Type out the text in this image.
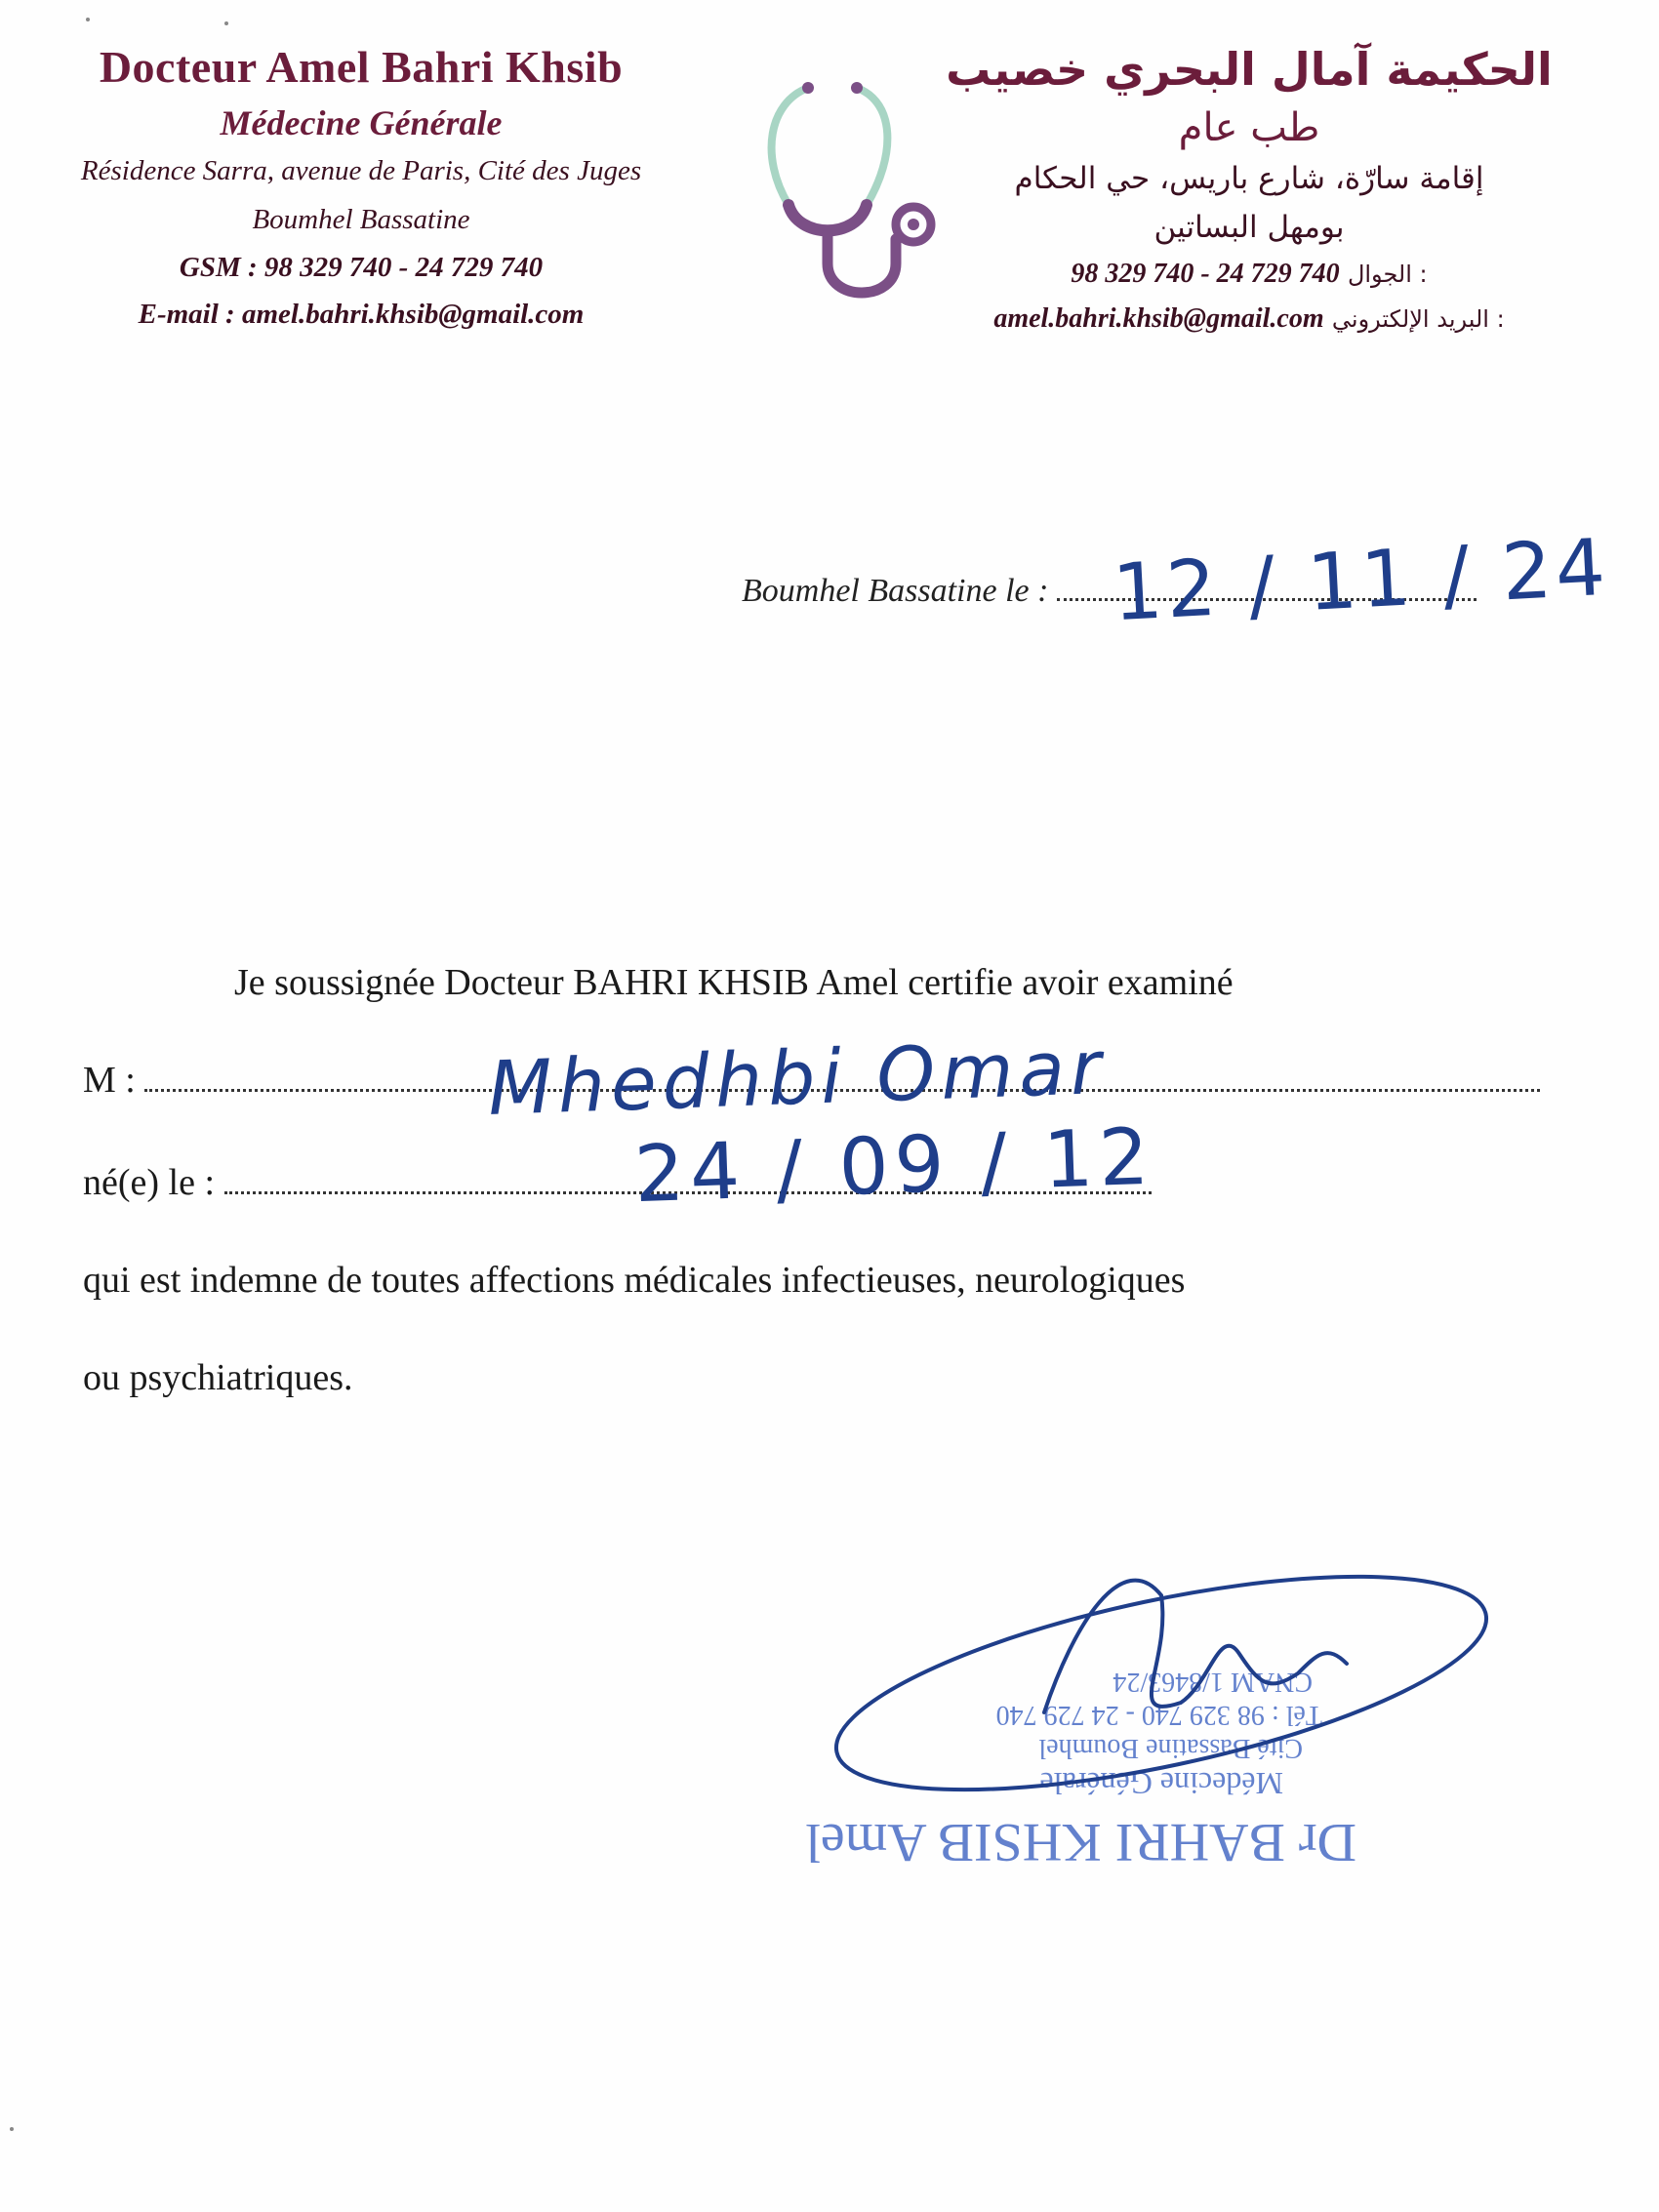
Docteur Amel Bahri Khsib
Médecine Générale
Résidence Sarra, avenue de Paris, Cité des Juges
Boumhel Bassatine
GSM : 98 329 740 - 24 729 740
E-mail : amel.bahri.khsib@gmail.com
الحكيمة آمال البحري خصيب
طب عام
إقامة سارّة، شارع باريس، حي الحكام
بومهل البساتين
98 329 740 - 24 729 740 الجوال :
amel.bahri.khsib@gmail.com البريد الإلكتروني :
Boumhel Bassatine le : 12 / 11 / 24
Je soussignée Docteur BAHRI KHSIB Amel certifie avoir examiné
M :	Mhedhbi Omar
né(e) le :	24 / 09 / 12
qui est indemne de toutes affections médicales infectieuses, neurologiques
ou psychiatriques.
Dr BAHRI KHSIB Amel
Médecine Générale
Cité Bassatine Boumhel
Tél : 98 329 740 - 24 729 740
CNAM 1/8463/24
